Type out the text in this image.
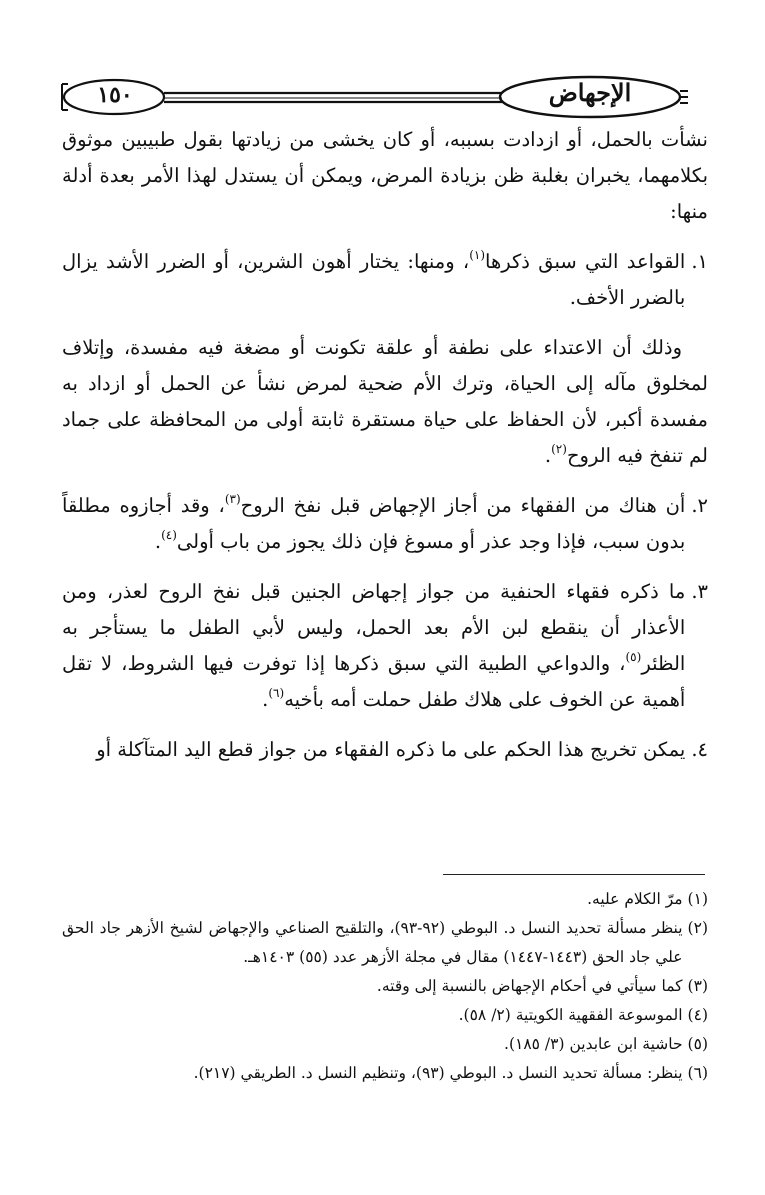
١٥٠	الإجهاض

نشأت بالحمل، أو ازدادت بسببه، أو كان يخشى من زيادتها بقول طبيبين موثوق بكلامهما، يخبران بغلبة ظن بزيادة المرض، ويمكن أن يستدل لهذا الأمر بعدة أدلة منها:

١.
القواعد التي سبق ذكرها$^{(١)}$، ومنها: يختار أهون الشرين، أو الضرر الأشد يزال بالضرر الأخف.

وذلك أن الاعتداء على نطفة أو علقة تكونت أو مضغة فيه مفسدة، وإتلاف لمخلوق مآله إلى الحياة، وترك الأم ضحية لمرض نشأ عن الحمل أو ازداد به مفسدة أكبر، لأن الحفاظ على حياة مستقرة ثابتة أولى من المحافظة على جماد لم تنفخ فيه الروح$^{(٢)}$.

٢.
أن هناك من الفقهاء من أجاز الإجهاض قبل نفخ الروح$^{(٣)}$، وقد أجازوه مطلقاً بدون سبب، فإذا وجد عذر أو مسوغ فإن ذلك يجوز من باب أولى$^{(٤)}$.
٣.
ما ذكره فقهاء الحنفية من جواز إجهاض الجنين قبل نفخ الروح لعذر، ومن الأعذار أن ينقطع لبن الأم بعد الحمل، وليس لأبي الطفل ما يستأجر به الظئر$^{(٥)}$، والدواعي الطبية التي سبق ذكرها إذا توفرت فيها الشروط، لا تقل أهمية عن الخوف على هلاك طفل حملت أمه بأخيه$^{(٦)}$.
٤.
يمكن تخريج هذا الحكم على ما ذكره الفقهاء من جواز قطع اليد المتآكلة أو
(١)
مرّ الكلام عليه.
(٢)
ينظر مسألة تحديد النسل د. البوطي (٩٢-٩٣)، والتلقيح الصناعي والإجهاض لشيخ الأزهر جاد الحق علي جاد الحق (١٤٤٣-١٤٤٧) مقال في مجلة الأزهر عدد (٥٥) ١٤٠٣هـ.
(٣)
كما سيأتي في أحكام الإجهاض بالنسبة إلى وقته.
(٤)
الموسوعة الفقهية الكويتية (٢/ ٥٨).
(٥)
حاشية ابن عابدين (٣/ ١٨٥).
(٦)
ينظر: مسألة تحديد النسل د. البوطي (٩٣)، وتنظيم النسل د. الطريقي (٢١٧).
